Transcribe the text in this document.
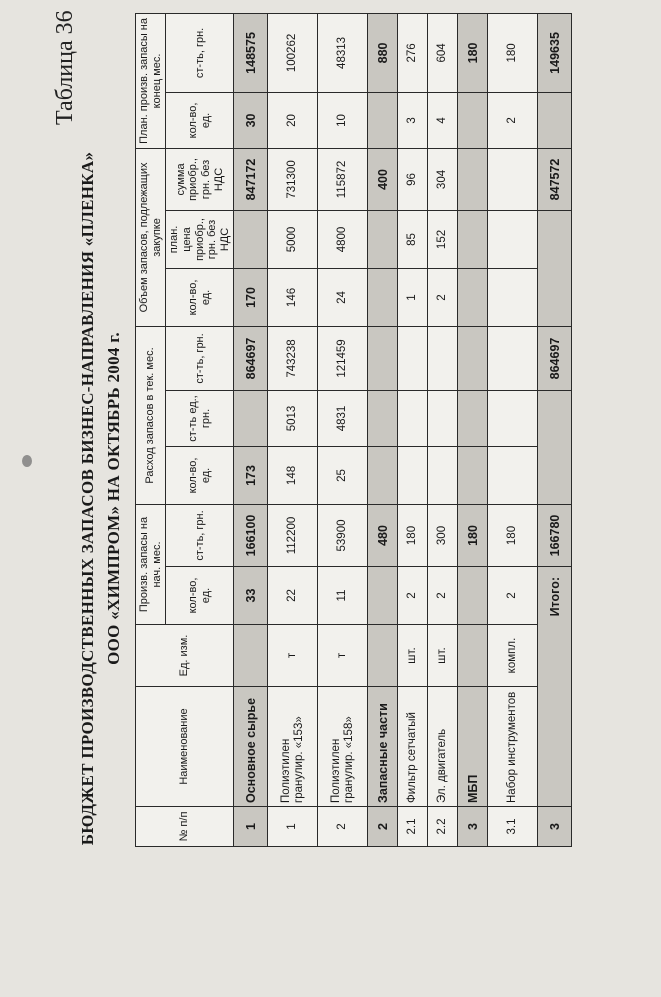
Таблица 36
БЮДЖЕТ ПРОИЗВОДСТВЕННЫХ ЗАПАСОВ БИЗНЕС-НАПРАВЛЕНИЯ «ПЛЕНКА» ООО «ХИМПРОМ» НА ОКТЯБРЬ 2004 г.
№ п/п	Наименование	Ед. изм.	Произв. запасы на нач. мес.		Расход запасов в тек. мес.			Объем запасов, подлежащих закупке			План. произв. запасы на конец мес.	
								кол-во, ед.	план. цена приобр., грн. без НДС	сумма приобр., грн. без НДС		
			кол-во, ед.	ст-ть, грн.	кол-во, ед.	ст-ть ед., грн.	ст-ть, грн.				кол-во, ед.	ст-ть, грн.
1	Основное сырье		33	166100	173		864697	170		847172	30	148575
1	Полиэтилен гранулир. «153»	т	22	112200	148	5013	743238	146	5000	731300	20	100262
2	Полиэтилен гранулир. «158»	т	11	53900	25	4831	121459	24	4800	115872	10	48313
2	Запасные части			480						400		880
2.1	Фильтр сетчатый	шт.	2	180				1	85	96	3	276
2.2	Эл. двигатель	шт.	2	300				2	152	304	4	604
3	МБП			180								180
3.1	Набор инструментов	компл.	2	180							2	180
3	Итого:			166780			864697			847572		149635
